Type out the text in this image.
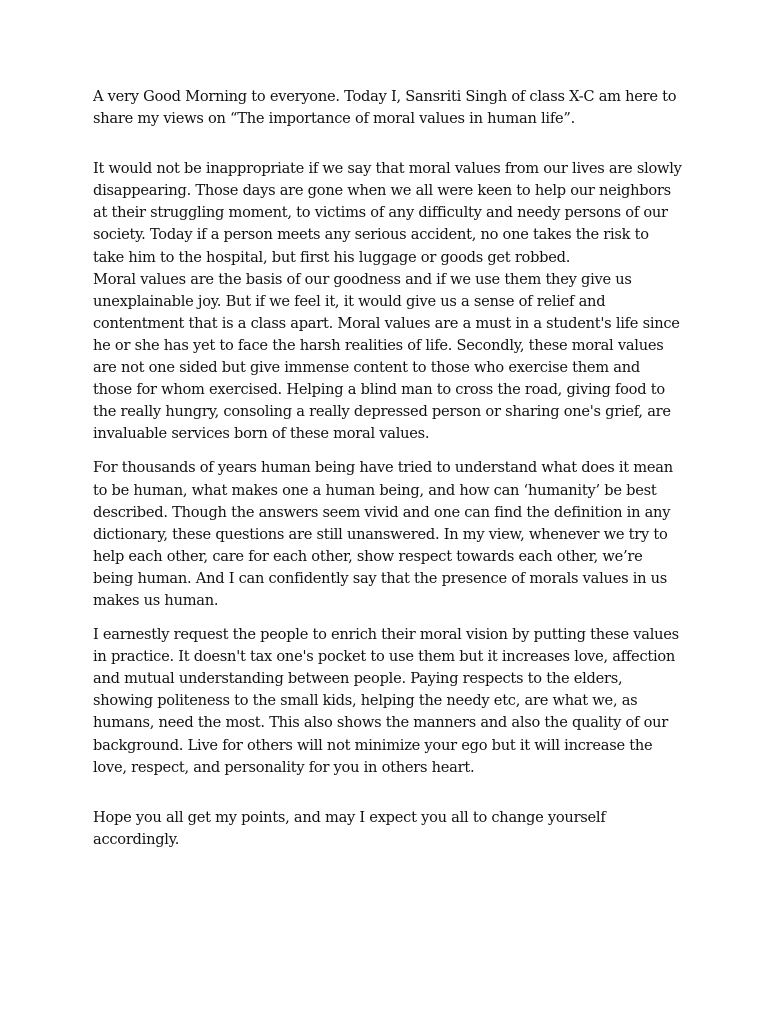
A very Good Morning to everyone. Today I, Sansriti Singh of class X-C am here to share my views on “The importance of moral values in human life”.

It would not be inappropriate if we say that moral values from our lives are slowly disappearing. Those days are gone when we all were keen to help our neighbors at their struggling moment, to victims of any difficulty and needy persons of our society. Today if a person meets any serious accident, no one takes the risk to take him to the hospital, but first his luggage or goods get robbed.

Moral values are the basis of our goodness and if we use them they give us unexplainable joy. But if we feel it, it would give us a sense of relief and contentment that is a class apart. Moral values are a must in a student's life since he or she has yet to face the harsh realities of life. Secondly, these moral values are not one sided but give immense content to those who exercise them and those for whom exercised. Helping a blind man to cross the road, giving food to the really hungry, consoling a really depressed person or sharing one's grief, are invaluable services born of these moral values.

For thousands of years human being have tried to understand what does it mean to be human, what makes one a human being, and how can ‘humanity’ be best described. Though the answers seem vivid and one can find the definition in any dictionary, these questions are still unanswered. In my view, whenever we try to help each other, care for each other, show respect towards each other, we’re being human. And I can confidently say that the presence of morals values in us makes us human.

I earnestly request the people to enrich their moral vision by putting these values in practice. It doesn't tax one's pocket to use them but it increases love, affection and mutual understanding between people. Paying respects to the elders, showing politeness to the small kids, helping the needy etc, are what we, as humans, need the most. This also shows the manners and also the quality of our background. Live for others will not minimize your ego but it will increase the love, respect, and personality for you in others heart.

Hope you all get my points, and may I expect you all to change yourself accordingly.
